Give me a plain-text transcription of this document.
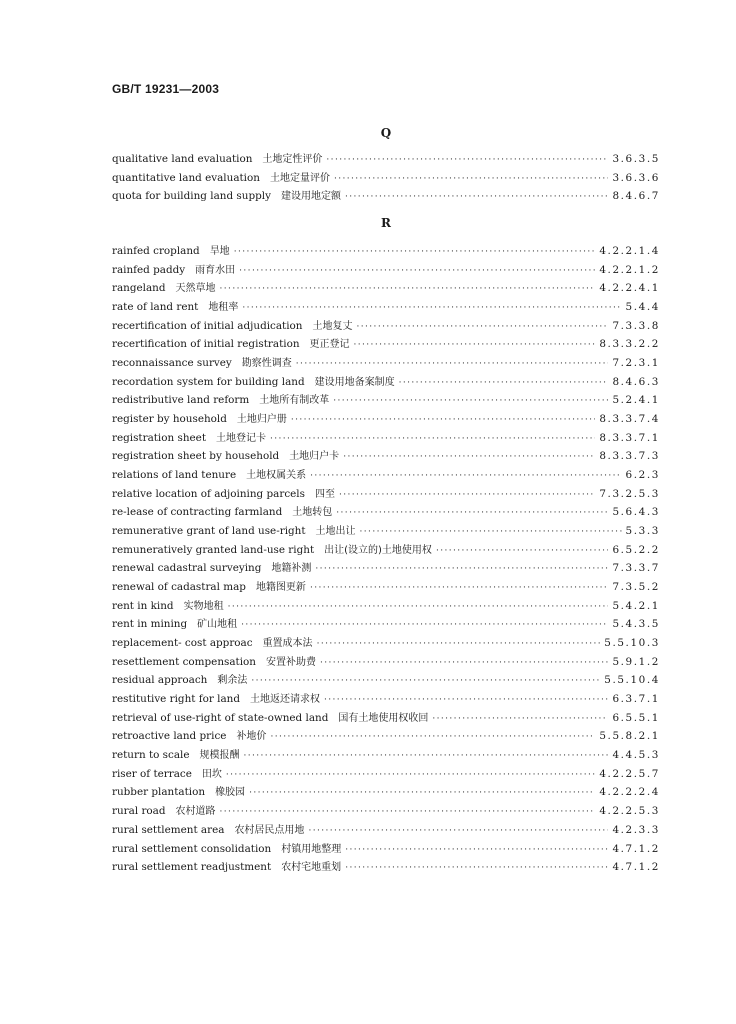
GB/T 19231—2003
Q
qualitative land evaluation 土地定性评价 ·····	3.6.3.5
quantitative land evaluation 土地定量评价 ·····	3.6.3.6
quota for building land supply 建设用地定额 ·····	8.4.6.7
R
rainfed cropland 旱地 ·····	4.2.2.1.4
rainfed paddy 雨育水田 ·····	4.2.2.1.2
rangeland 天然草地 ·····	4.2.2.4.1
rate of land rent 地租率 ·····	5.4.4
recertification of initial adjudication 土地复丈 ·····	7.3.3.8
recertification of initial registration 更正登记 ·····	8.3.3.2.2
reconnaissance survey 勘察性调查 ·····	7.2.3.1
recordation system for building land 建设用地备案制度 ·····	8.4.6.3
redistributive land reform 土地所有制改革 ·····	5.2.4.1
register by household 土地归户册 ·····	8.3.3.7.4
registration sheet 土地登记卡 ·····	8.3.3.7.1
registration sheet by household 土地归户卡 ·····	8.3.3.7.3
relations of land tenure 土地权属关系 ·····	6.2.3
relative location of adjoining parcels 四至 ·····	7.3.2.5.3
re-lease of contracting farmland 土地转包 ·····	5.6.4.3
remunerative grant of land use-right 土地出让 ·····	5.3.3
remuneratively granted land-use right 出让(设立的)土地使用权 ·····	6.5.2.2
renewal cadastral surveying 地籍补测 ·····	7.3.3.7
renewal of cadastral map 地籍图更新 ·····	7.3.5.2
rent in kind 实物地租 ·····	5.4.2.1
rent in mining 矿山地租 ·····	5.4.3.5
replacement- cost approac 重置成本法 ·····	5.5.10.3
resettlement compensation 安置补助费 ·····	5.9.1.2
residual approach 剩余法 ·····	5.5.10.4
restitutive right for land 土地返还请求权 ·····	6.3.7.1
retrieval of use-right of state-owned land 国有土地使用权收回 ·····	6.5.5.1
retroactive land price 补地价 ·····	5.5.8.2.1
return to scale 规模报酬 ·····	4.4.5.3
riser of terrace 田坎 ·····	4.2.2.5.7
rubber plantation 橡胶园 ·····	4.2.2.2.4
rural road 农村道路 ·····	4.2.2.5.3
rural settlement area 农村居民点用地 ·····	4.2.3.3
rural settlement consolidation 村镇用地整理 ·····	4.7.1.2
rural settlement readjustment 农村宅地重划 ·····	4.7.1.2
